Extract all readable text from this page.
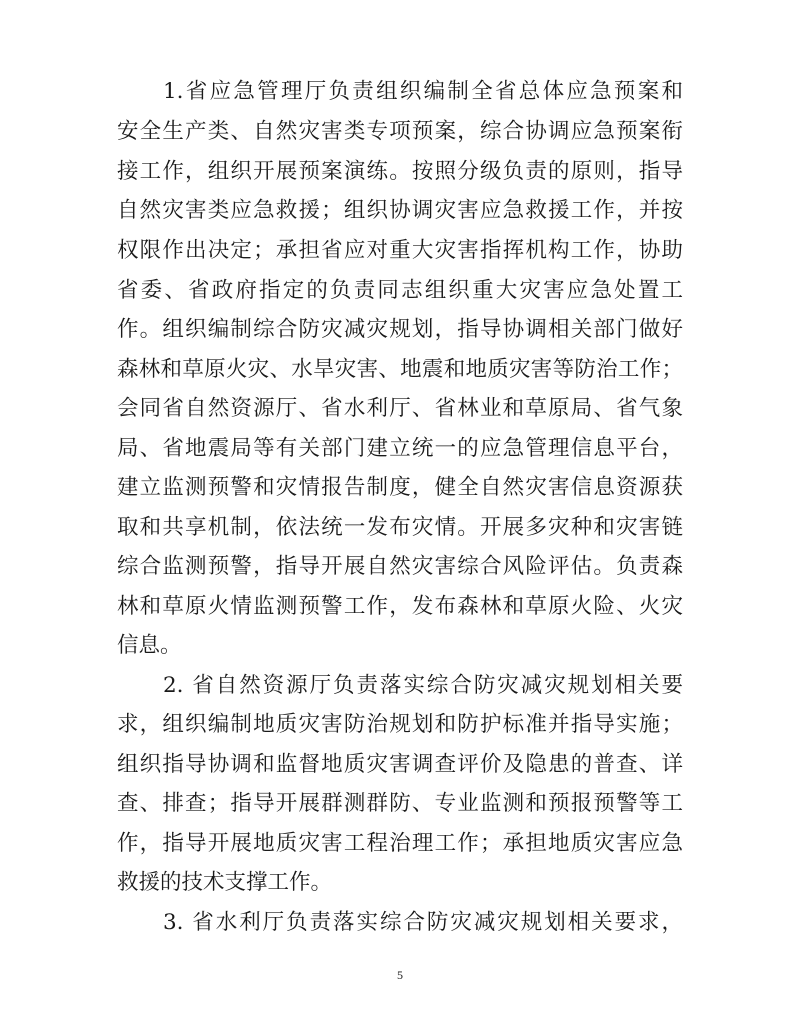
1.省应急管理厅负责组织编制全省总体应急预案和
安全生产类、自然灾害类专项预案，综合协调应急预案衔
接工作，组织开展预案演练。按照分级负责的原则，指导
自然灾害类应急救援；组织协调灾害应急救援工作，并按
权限作出决定；承担省应对重大灾害指挥机构工作，协助
省委、省政府指定的负责同志组织重大灾害应急处置工
作。组织编制综合防灾减灾规划，指导协调相关部门做好
森林和草原火灾、水旱灾害、地震和地质灾害等防治工作；
会同省自然资源厅、省水利厅、省林业和草原局、省气象
局、省地震局等有关部门建立统一的应急管理信息平台，
建立监测预警和灾情报告制度，健全自然灾害信息资源获
取和共享机制，依法统一发布灾情。开展多灾种和灾害链
综合监测预警，指导开展自然灾害综合风险评估。负责森
林和草原火情监测预警工作，发布森林和草原火险、火灾
信息。
2. 省自然资源厅负责落实综合防灾减灾规划相关要
求，组织编制地质灾害防治规划和防护标准并指导实施；
组织指导协调和监督地质灾害调查评价及隐患的普查、详
查、排查；指导开展群测群防、专业监测和预报预警等工
作，指导开展地质灾害工程治理工作；承担地质灾害应急
救援的技术支撑工作。
3. 省水利厅负责落实综合防灾减灾规划相关要求，
5
